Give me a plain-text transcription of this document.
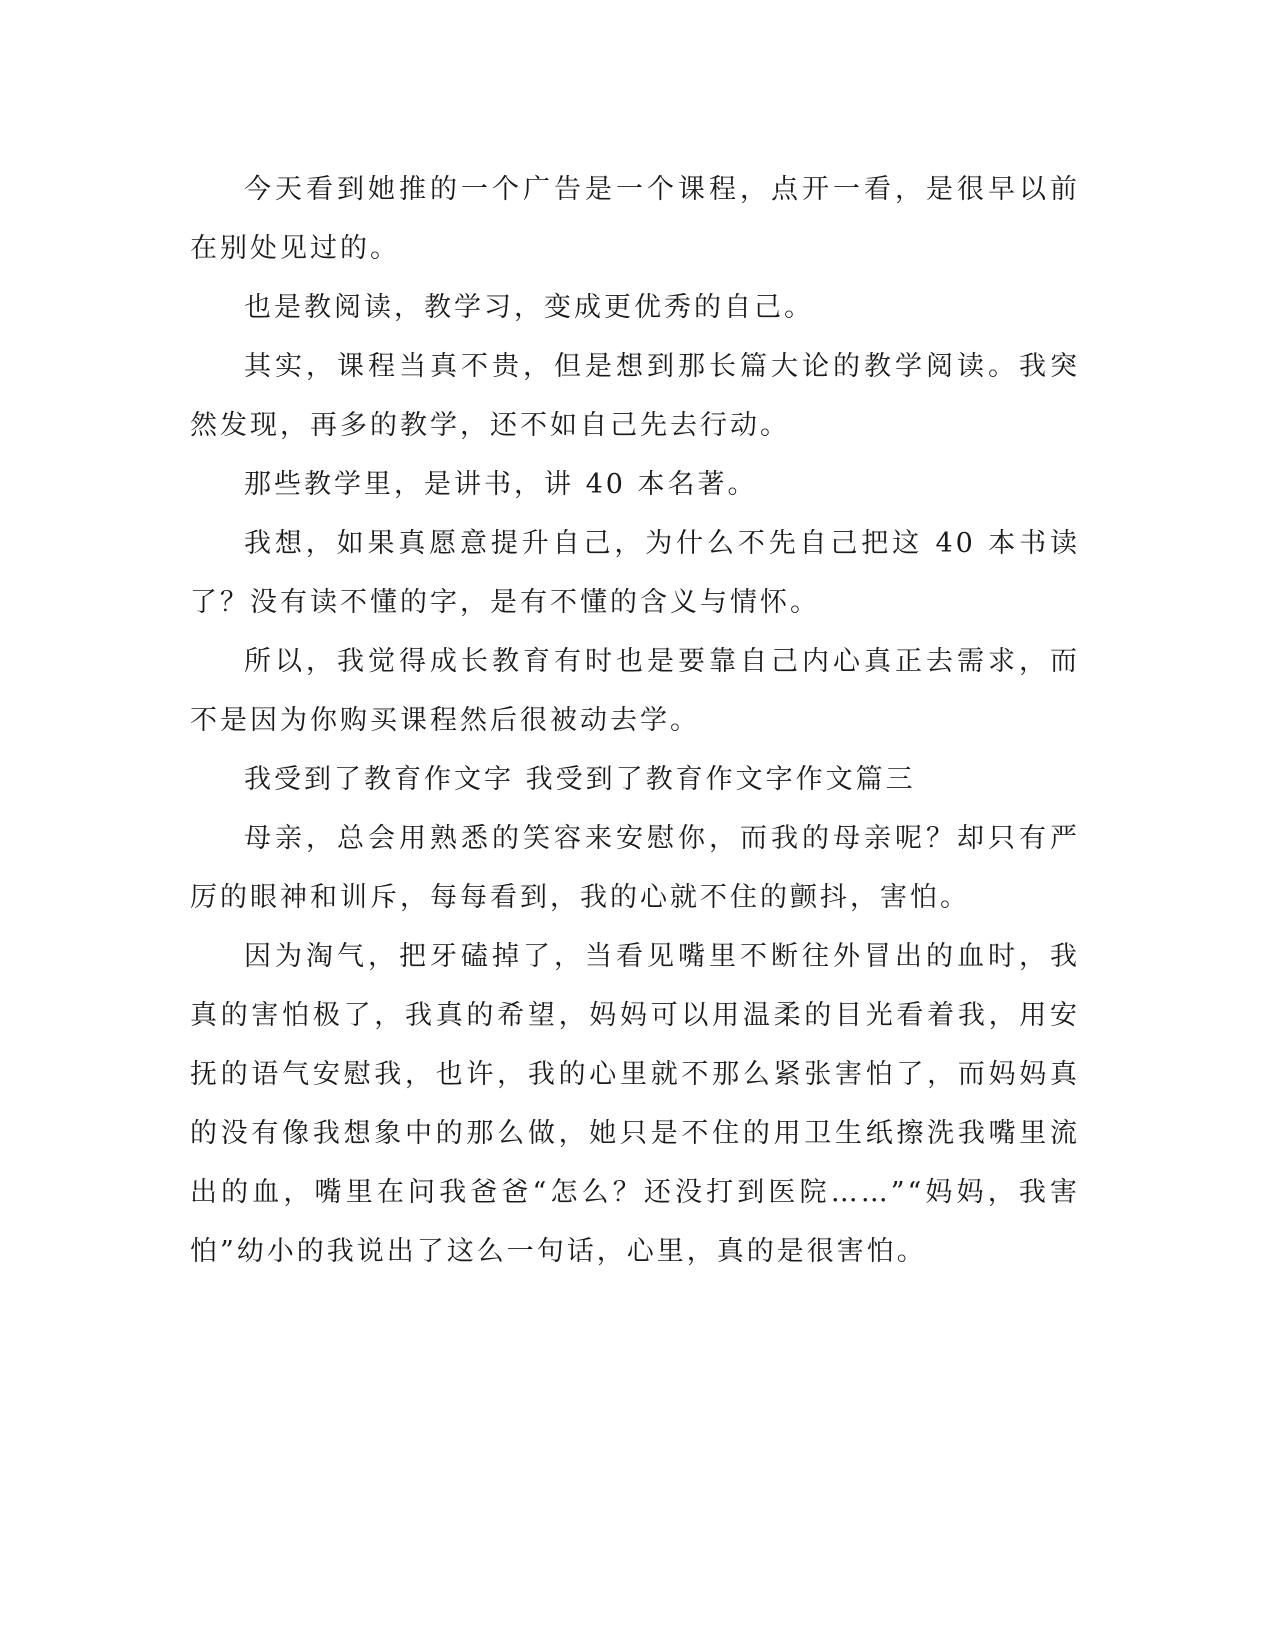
今天看到她推的一个广告是一个课程，点开一看，是很早以前在别处见过的。

也是教阅读，教学习，变成更优秀的自己。

其实，课程当真不贵，但是想到那长篇大论的教学阅读。我突然发现，再多的教学，还不如自己先去行动。

那些教学里，是讲书，讲 40 本名著。

我想，如果真愿意提升自己，为什么不先自己把这 40 本书读了？没有读不懂的字，是有不懂的含义与情怀。

所以，我觉得成长教育有时也是要靠自己内心真正去需求，而不是因为你购买课程然后很被动去学。

我受到了教育作文字 我受到了教育作文字作文篇三

母亲，总会用熟悉的笑容来安慰你，而我的母亲呢？却只有严厉的眼神和训斥，每每看到，我的心就不住的颤抖，害怕。

因为淘气，把牙磕掉了，当看见嘴里不断往外冒出的血时，我真的害怕极了，我真的希望，妈妈可以用温柔的目光看着我，用安抚的语气安慰我，也许，我的心里就不那么紧张害怕了，而妈妈真的没有像我想象中的那么做，她只是不住的用卫生纸擦洗我嘴里流出的血，嘴里在问我爸爸“怎么？还没打到医院……”“妈妈，我害怕”幼小的我说出了这么一句话，心里，真的是很害怕。
